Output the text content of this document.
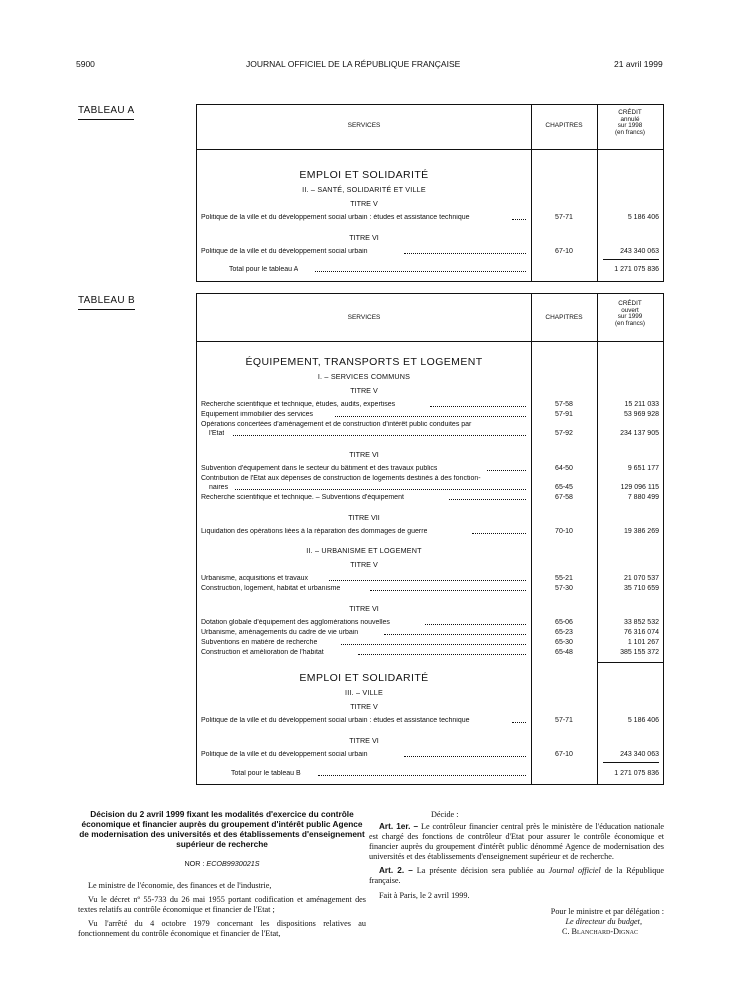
5900	JOURNAL OFFICIEL DE LA RÉPUBLIQUE FRANÇAISE	21 avril 1999
TABLEAU A
SERVICES	CHAPITRES
CRÉDIT
annulé
sur 1998
(en francs)
EMPLOI ET SOLIDARITÉ
II. – SANTÉ, SOLIDARITÉ ET VILLE
TITRE V
Politique de la ville et du développement social urbain : études et assistance technique	57-71	5 186 406
TITRE VI
Politique de la ville et du développement social urbain	67-10	243 340 063
Total pour le tableau A	1 271 075 836
TABLEAU B
SERVICES	CHAPITRES
CRÉDIT
ouvert
sur 1999
(en francs)
ÉQUIPEMENT, TRANSPORTS ET LOGEMENT
I. – SERVICES COMMUNS
TITRE V
Recherche scientifique et technique, études, audits, expertises	57-58	15 211 033
Equipement immobilier des services	57-91	53 969 928
Opérations concertées d'aménagement et de construction d'intérêt public conduites par
l'Etat	57-92	234 137 905
TITRE VI
Subvention d'équipement dans le secteur du bâtiment et des travaux publics	64-50	9 651 177
Contribution de l'Etat aux dépenses de construction de logements destinés à des fonction-
naires	65-45	129 096 115
Recherche scientifique et technique. – Subventions d'équipement	67-58	7 880 499
TITRE VII
Liquidation des opérations liées à la réparation des dommages de guerre	70-10	19 386 269
II. – URBANISME ET LOGEMENT
TITRE V
Urbanisme, acquisitions et travaux	55-21	21 070 537
Construction, logement, habitat et urbanisme	57-30	35 710 659
TITRE VI
Dotation globale d'équipement des agglomérations nouvelles	65-06	33 852 532
Urbanisme, aménagements du cadre de vie urbain	65-23	76 316 074
Subventions en matière de recherche	65-30	1 101 267
Construction et amélioration de l'habitat	65-48	385 155 372
EMPLOI ET SOLIDARITÉ
III. – VILLE
TITRE V
Politique de la ville et du développement social urbain : études et assistance technique	57-71	5 186 406
TITRE VI
Politique de la ville et du développement social urbain	67-10	243 340 063
Total pour le tableau B	1 271 075 836
Décision du 2 avril 1999 fixant les modalités d'exercice du contrôle économique et financier auprès du groupement d'intérêt public Agence de modernisation des universités et des établissements d'enseignement supérieur de recherche
NOR : ECOB9930021S

Le ministre de l'économie, des finances et de l'industrie,

Vu le décret nº 55-733 du 26 mai 1955 portant codification et aménagement des textes relatifs au contrôle économique et financier de l'Etat ;

Vu l'arrêté du 4 octobre 1979 concernant les dispositions relatives au fonctionnement du contrôle économique et financier de l'Etat,

Décide :

Art. 1er. – Le contrôleur financier central près le ministère de l'éducation nationale est chargé des fonctions de contrôleur d'Etat pour assurer le contrôle économique et financier auprès du groupement d'intérêt public dénommé Agence de modernisation des universités et des établissements d'enseignement supérieur et de recherche.

Art. 2. – La présente décision sera publiée au Journal officiel de la République française.

Fait à Paris, le 2 avril 1999.

Pour le ministre et par délégation :
Le directeur du budget,
C. Blanchard-Dignac
